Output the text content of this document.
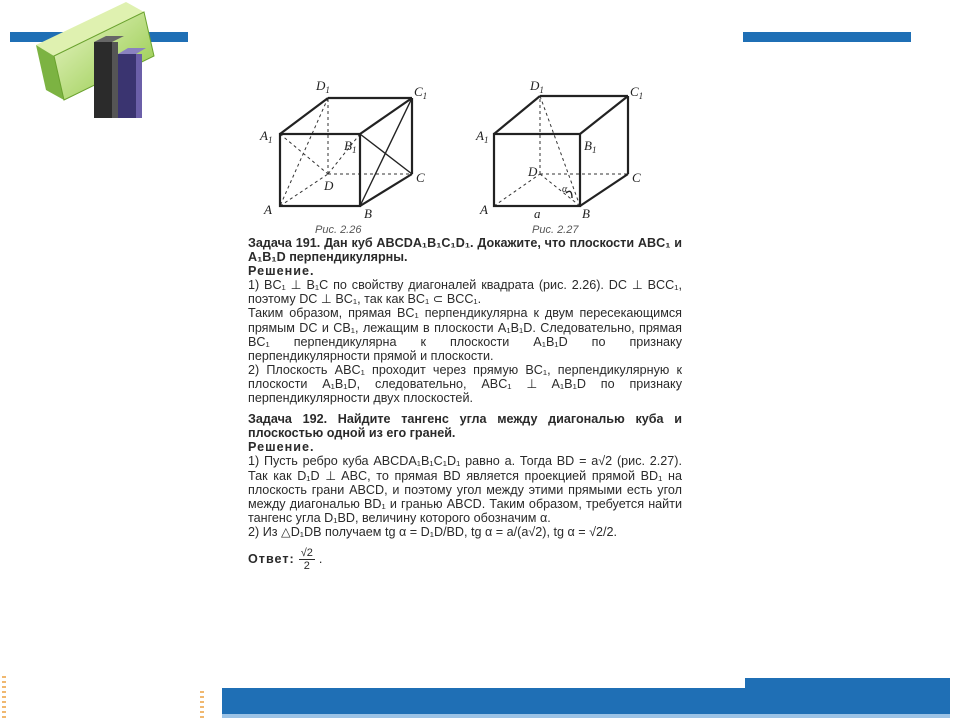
A	B
C
D
$A_1$	$B_1$
$C_1$
$D_1$
Рис. 2.26
A	B
C
D
a
α
$A_1$	$B_1$
$C_1$
$D_1$
Рис. 2.27

Задача 191. Дан куб ABCDA₁B₁C₁D₁. Докажите, что плоскости ABC₁ и A₁B₁D перпендикулярны.

Решение.

1) BC₁ ⊥ B₁C по свойству диагоналей квадрата (рис. 2.26). DC ⊥ BCC₁, поэтому DC ⊥ BC₁, так как BC₁ ⊂ BCC₁.

Таким образом, прямая BC₁ перпендикулярна к двум пересекающимся прямым DC и CB₁, лежащим в плоскости A₁B₁D. Следовательно, прямая BC₁ перпендикулярна к плоскости A₁B₁D по признаку перпендикулярности прямой и плоскости.

2) Плоскость ABC₁ проходит через прямую BC₁, перпендикулярную к плоскости A₁B₁D, следовательно, ABC₁ ⊥ A₁B₁D по признаку перпендикулярности двух плоскостей.

Задача 192. Найдите тангенс угла между диагональю куба и плоскостью одной из его граней.

Решение.

1) Пусть ребро куба ABCDA₁B₁C₁D₁ равно a. Тогда BD = a√2 (рис. 2.27). Так как D₁D ⊥ ABC, то прямая BD является проекцией прямой BD₁ на плоскость грани ABCD, и поэтому угол между этими прямыми есть угол между диагональю BD₁ и гранью ABCD. Таким образом, требуется найти тангенс угла D₁BD, величину которого обозначим α.

2) Из △D₁DB получаем tg α = D₁D/BD, tg α = a/(a√2), tg α = √2/2.

Ответ: $\frac{√2}{2}$ .
